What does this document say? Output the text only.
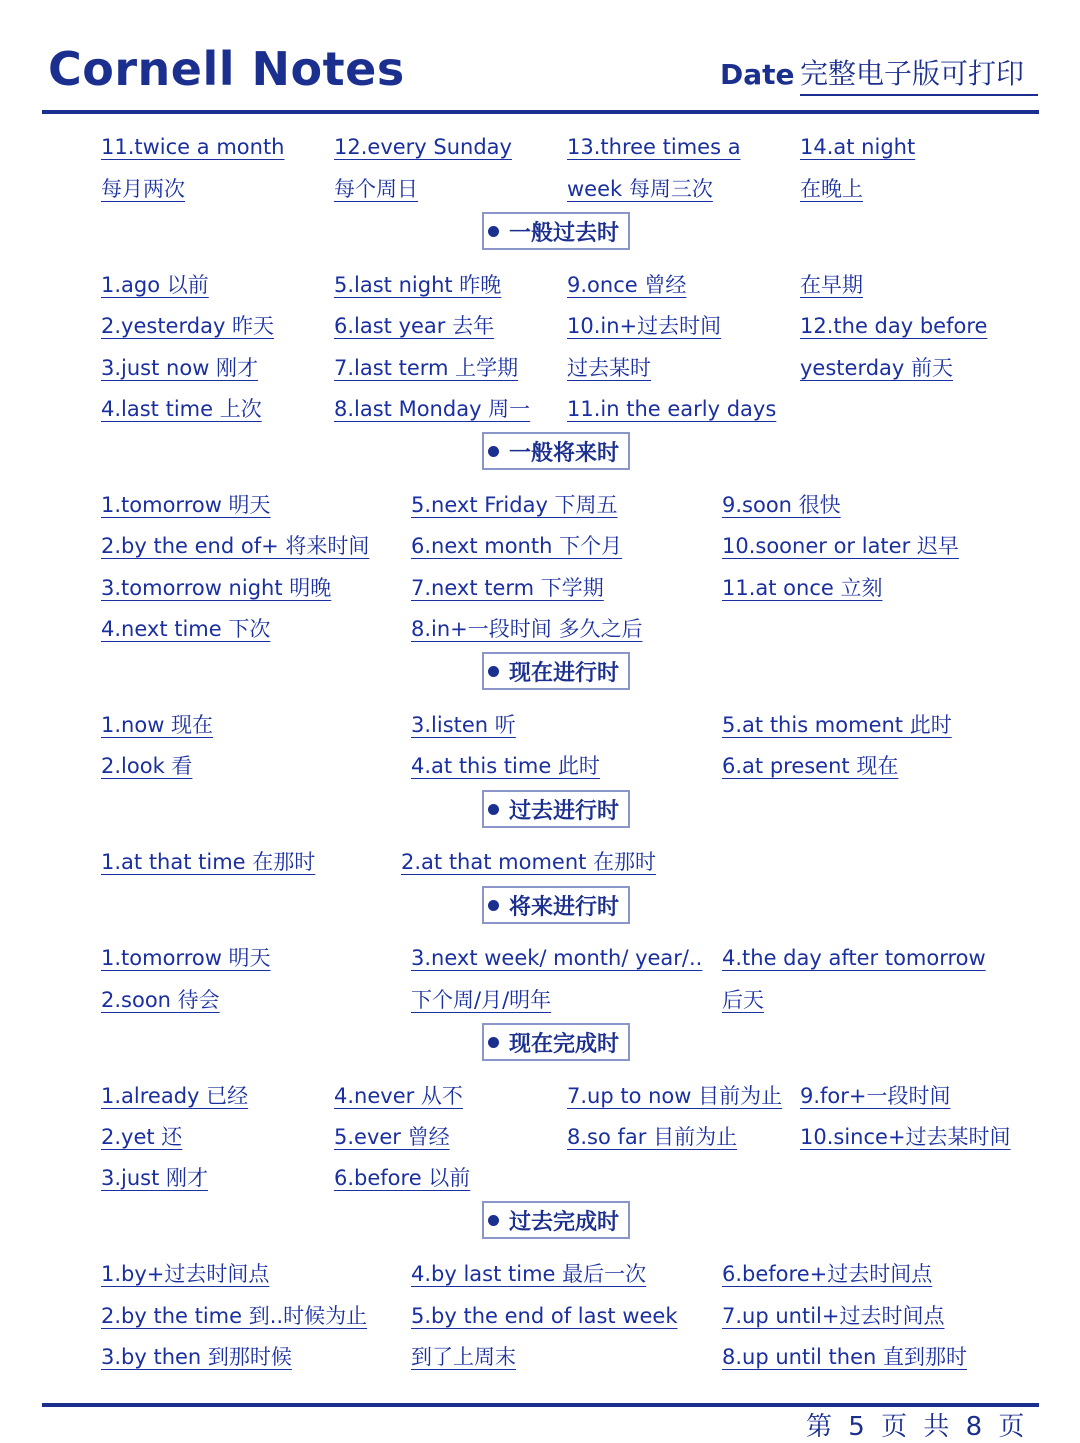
Cornell Notes	Date 完整电子版可打印
11.twice a month
每月两次
12.every Sunday
每个周日
13.three times a
week 每周三次
14.at night
在晚上
一般过去时
1.ago 以前
2.yesterday 昨天
3.just now 刚才
4.last time 上次
5.last night 昨晚
6.last year 去年
7.last term 上学期
8.last Monday 周一
9.once 曾经
10.in+过去时间
过去某时
11.in the early days
在早期
12.the day before
yesterday 前天
一般将来时
1.tomorrow 明天
2.by the end of+ 将来时间
3.tomorrow night 明晚
4.next time 下次
5.next Friday 下周五
6.next month 下个月
7.next term 下学期
8.in+一段时间 多久之后
9.soon 很快
10.sooner or later 迟早
11.at once 立刻
现在进行时
1.now 现在
2.look 看
3.listen 听
4.at this time 此时
5.at this moment 此时
6.at present 现在
过去进行时
1.at that time 在那时	2.at that moment 在那时
将来进行时
1.tomorrow 明天
2.soon 待会
3.next week/ month/ year/..
下个周/月/明年
4.the day after tomorrow
后天
现在完成时
1.already 已经
2.yet 还
3.just 刚才
4.never 从不
5.ever 曾经
6.before 以前
7.up to now 目前为止
8.so far 目前为止
9.for+一段时间
10.since+过去某时间
过去完成时
1.by+过去时间点
2.by the time 到..时候为止
3.by then 到那时候
4.by last time 最后一次
5.by the end of last week
到了上周末
6.before+过去时间点
7.up until+过去时间点
8.up until then 直到那时
第 5 页 共 8 页
